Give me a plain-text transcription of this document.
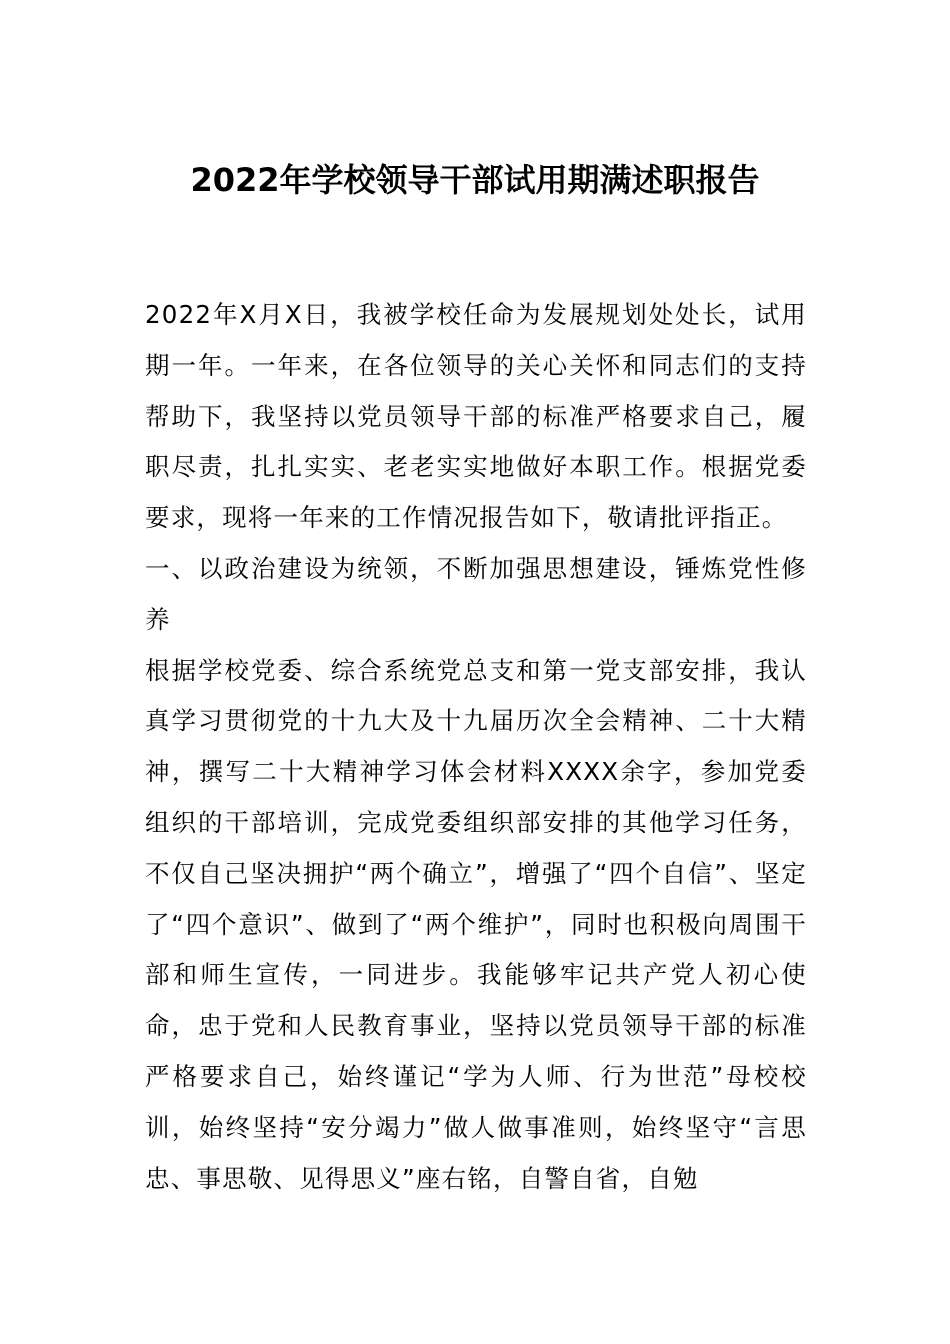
2022年学校领导干部试用期满述职报告

2022年X月X日，我被学校任命为发展规划处处长，试用期一年。一年来，在各位领导的关心关怀和同志们的支持帮助下，我坚持以党员领导干部的标准严格要求自己，履职尽责，扎扎实实、老老实实地做好本职工作。根据党委要求，现将一年来的工作情况报告如下，敬请批评指正。

一、以政治建设为统领，不断加强思想建设，锤炼党性修养

根据学校党委、综合系统党总支和第一党支部安排，我认真学习贯彻党的十九大及十九届历次全会精神、二十大精神，撰写二十大精神学习体会材料XXXX余字，参加党委组织的干部培训，完成党委组织部安排的其他学习任务，不仅自己坚决拥护“两个确立”，增强了“四个自信”、坚定了“四个意识”、做到了“两个维护”，同时也积极向周围干部和师生宣传，一同进步。我能够牢记共产党人初心使命，忠于党和人民教育事业，坚持以党员领导干部的标准严格要求自己，始终谨记“学为人师、行为世范”母校校训，始终坚持“安分竭力”做人做事准则，始终坚守“言思忠、事思敬、见得思义”座右铭，自警自省，自勉
